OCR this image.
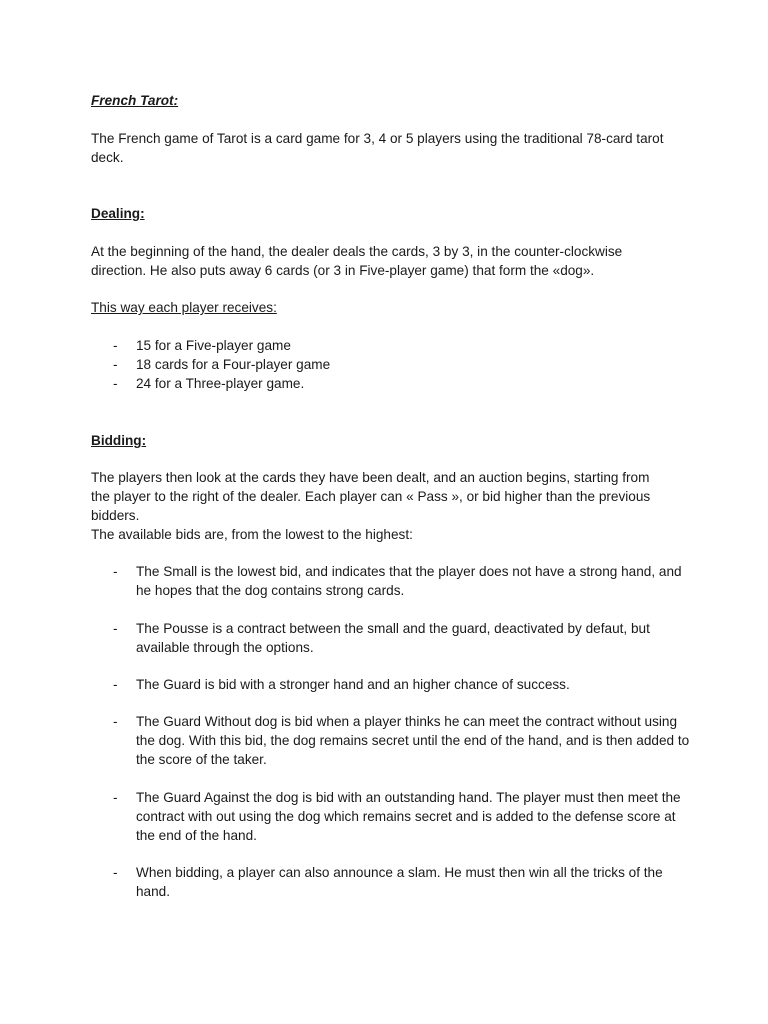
French Tarot:

The French game of Tarot is a card game for 3, 4 or 5 players using the traditional 78-card tarot deck.

Dealing:

At the beginning of the hand, the dealer deals the cards, 3 by 3, in the counter-clockwise direction. He also puts away 6 cards (or 3 in Five-player game) that form the «dog».

This way each player receives:

- 15 for a Five-player game
- 18 cards for a Four-player game
- 24 for a Three-player game.

Bidding:

The players then look at the cards they have been dealt, and an auction begins, starting from the player to the right of the dealer. Each player can « Pass », or bid higher than the previous bidders.

The available bids are, from the lowest to the highest:

- The Small is the lowest bid, and indicates that the player does not have a strong hand, and he hopes that the dog contains strong cards.
- The Pousse is a contract between the small and the guard, deactivated by defaut, but available through the options.
- The Guard is bid with a stronger hand and an higher chance of success.
- The Guard Without dog is bid when a player thinks he can meet the contract without using the dog. With this bid, the dog remains secret until the end of the hand, and is then added to the score of the taker.
- The Guard Against the dog is bid with an outstanding hand. The player must then meet the contract with out using the dog which remains secret and is added to the defense score at the end of the hand.
- When bidding, a player can also announce a slam. He must then win all the tricks of the hand.
